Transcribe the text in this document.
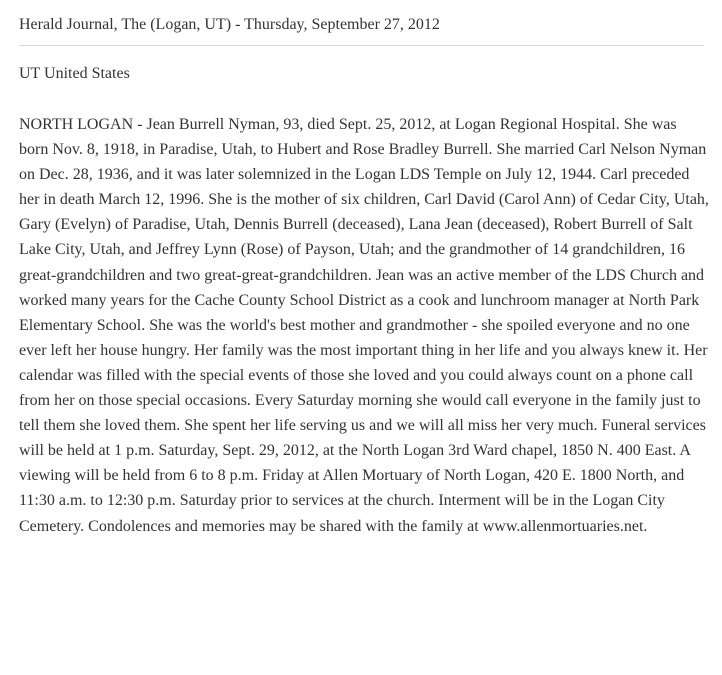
Herald Journal, The (Logan, UT) - Thursday, September 27, 2012

UT United States

NORTH LOGAN - Jean Burrell Nyman, 93, died Sept. 25, 2012, at Logan Regional Hospital. She was born Nov. 8, 1918, in Paradise, Utah, to Hubert and Rose Bradley Burrell. She married Carl Nelson Nyman on Dec. 28, 1936, and it was later solemnized in the Logan LDS Temple on July 12, 1944. Carl preceded her in death March 12, 1996. She is the mother of six children, Carl David (Carol Ann) of Cedar City, Utah, Gary (Evelyn) of Paradise, Utah, Dennis Burrell (deceased), Lana Jean (deceased), Robert Burrell of Salt Lake City, Utah, and Jeffrey Lynn (Rose) of Payson, Utah; and the grandmother of 14 grandchildren, 16 great-grandchildren and two great-great-grandchildren. Jean was an active member of the LDS Church and worked many years for the Cache County School District as a cook and lunchroom manager at North Park Elementary School. She was the world's best mother and grandmother - she spoiled everyone and no one ever left her house hungry. Her family was the most important thing in her life and you always knew it. Her calendar was filled with the special events of those she loved and you could always count on a phone call from her on those special occasions. Every Saturday morning she would call everyone in the family just to tell them she loved them. She spent her life serving us and we will all miss her very much. Funeral services will be held at 1 p.m. Saturday, Sept. 29, 2012, at the North Logan 3rd Ward chapel, 1850 N. 400 East. A viewing will be held from 6 to 8 p.m. Friday at Allen Mortuary of North Logan, 420 E. 1800 North, and 11:30 a.m. to 12:30 p.m. Saturday prior to services at the church. Interment will be in the Logan City Cemetery. Condolences and memories may be shared with the family at www.allenmortuaries.net.
